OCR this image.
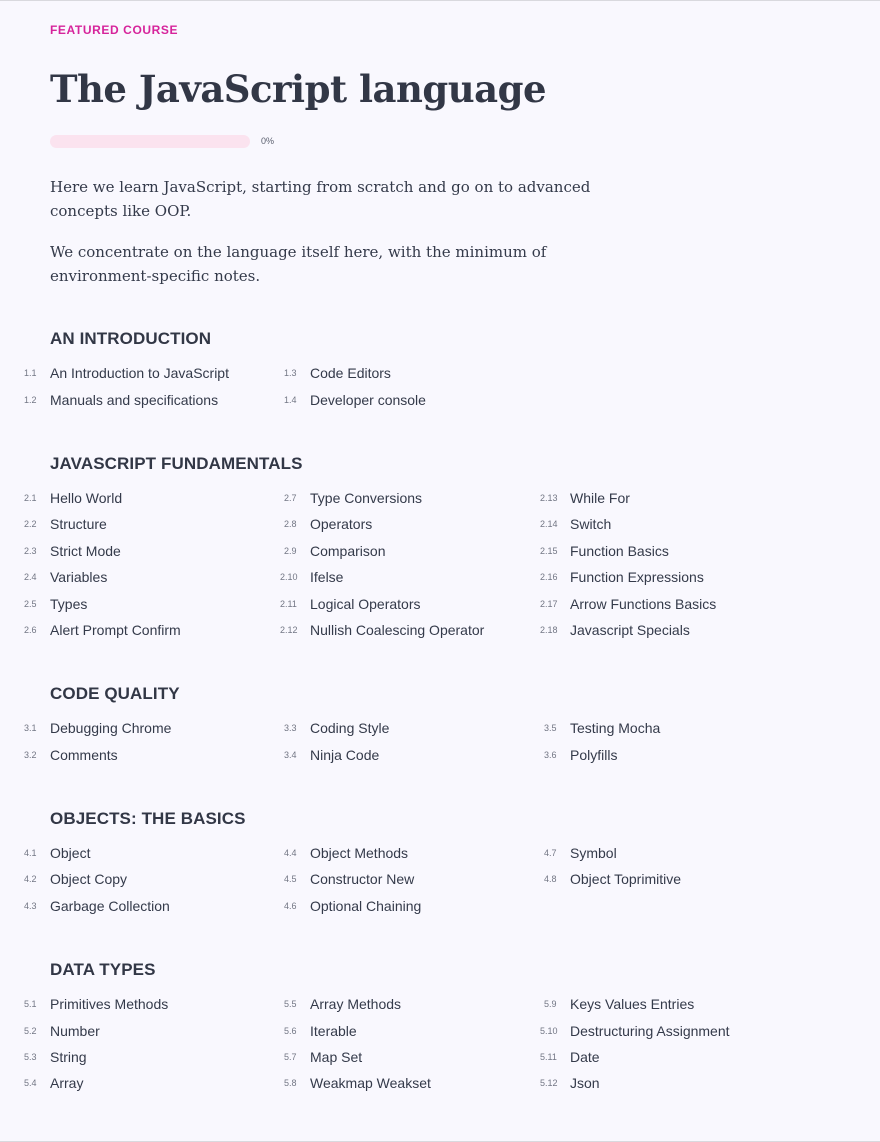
FEATURED COURSE

The JavaScript language
0%

Here we learn JavaScript, starting from scratch and go on to advanced concepts like OOP.

We concentrate on the language itself here, with the minimum of environment-specific notes.

AN INTRODUCTION
1.1 An Introduction to JavaScript
1.2 Manuals and specifications
1.3 Code Editors
1.4 Developer console
JAVASCRIPT FUNDAMENTALS
2.1 Hello World
2.2 Structure
2.3 Strict Mode
2.4 Variables
2.5 Types
2.6 Alert Prompt Confirm
2.7 Type Conversions
2.8 Operators
2.9 Comparison
2.10 Ifelse
2.11 Logical Operators
2.12 Nullish Coalescing Operator
2.13 While For
2.14 Switch
2.15 Function Basics
2.16 Function Expressions
2.17 Arrow Functions Basics
2.18 Javascript Specials
CODE QUALITY
3.1 Debugging Chrome
3.2 Comments
3.3 Coding Style
3.4 Ninja Code
3.5 Testing Mocha
3.6 Polyfills
OBJECTS: THE BASICS
4.1 Object
4.2 Object Copy
4.3 Garbage Collection
4.4 Object Methods
4.5 Constructor New
4.6 Optional Chaining
4.7 Symbol
4.8 Object Toprimitive
DATA TYPES
5.1 Primitives Methods
5.2 Number
5.3 String
5.4 Array
5.5 Array Methods
5.6 Iterable
5.7 Map Set
5.8 Weakmap Weakset
5.9 Keys Values Entries
5.10 Destructuring Assignment
5.11 Date
5.12 Json
